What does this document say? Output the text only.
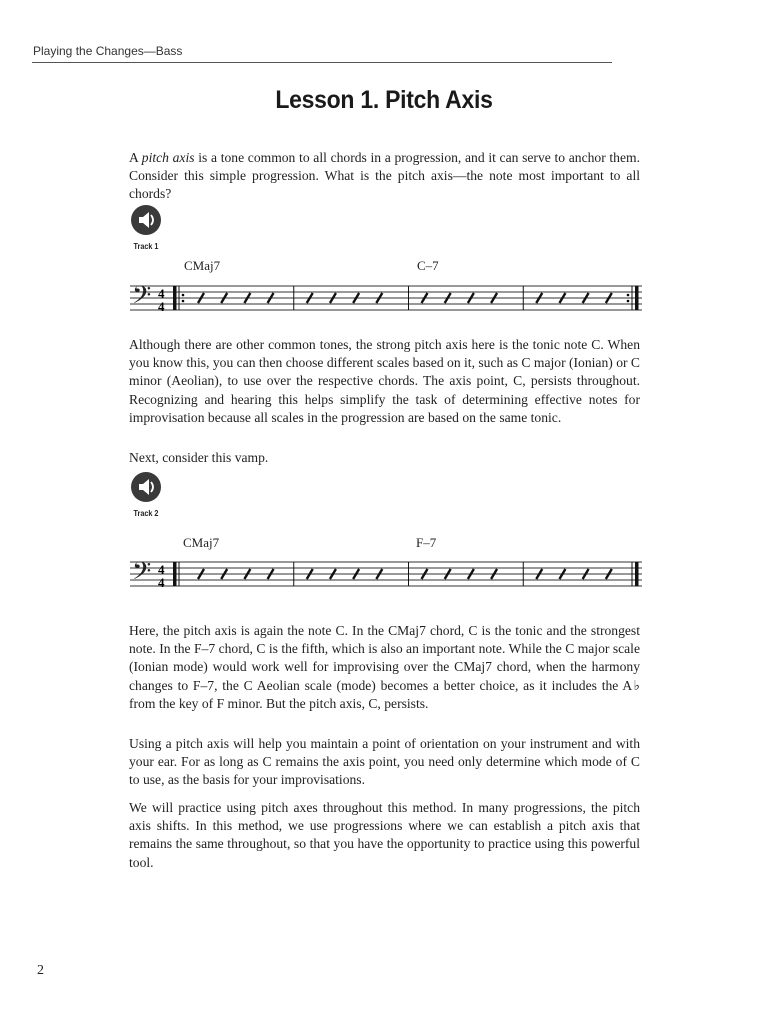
Playing the Changes—Bass
Lesson 1. Pitch Axis

A pitch axis is a tone common to all chords in a progression, and it can serve to anchor them. Consider this simple progression. What is the pitch axis—the note most important to all chords?

Track 1
CMaj7	C–7
𝄢 4
4

Although there are other common tones, the strong pitch axis here is the tonic note C. When you know this, you can then choose different scales based on it, such as C major (Ionian) or C minor (Aeolian), to use over the respective chords. The axis point, C, persists throughout. Recognizing and hearing this helps simplify the task of determining effective notes for improvisation because all scales in the progression are based on the same tonic.

Next, consider this vamp.

Track 2
CMaj7	F–7
𝄢 4
4

Here, the pitch axis is again the note C. In the CMaj7 chord, C is the tonic and the strongest note. In the F–7 chord, C is the fifth, which is also an important note. While the C major scale (Ionian mode) would work well for improvising over the CMaj7 chord, when the harmony changes to F–7, the C Aeolian scale (mode) becomes a better choice, as it includes the A♭ from the key of F minor. But the pitch axis, C, persists.

Using a pitch axis will help you maintain a point of orientation on your instrument and with your ear. For as long as C remains the axis point, you need only determine which mode of C to use, as the basis for your improvisations.

We will practice using pitch axes throughout this method. In many progressions, the pitch axis shifts. In this method, we use progressions where we can establish a pitch axis that remains the same throughout, so that you have the opportunity to practice using this powerful tool.

2
